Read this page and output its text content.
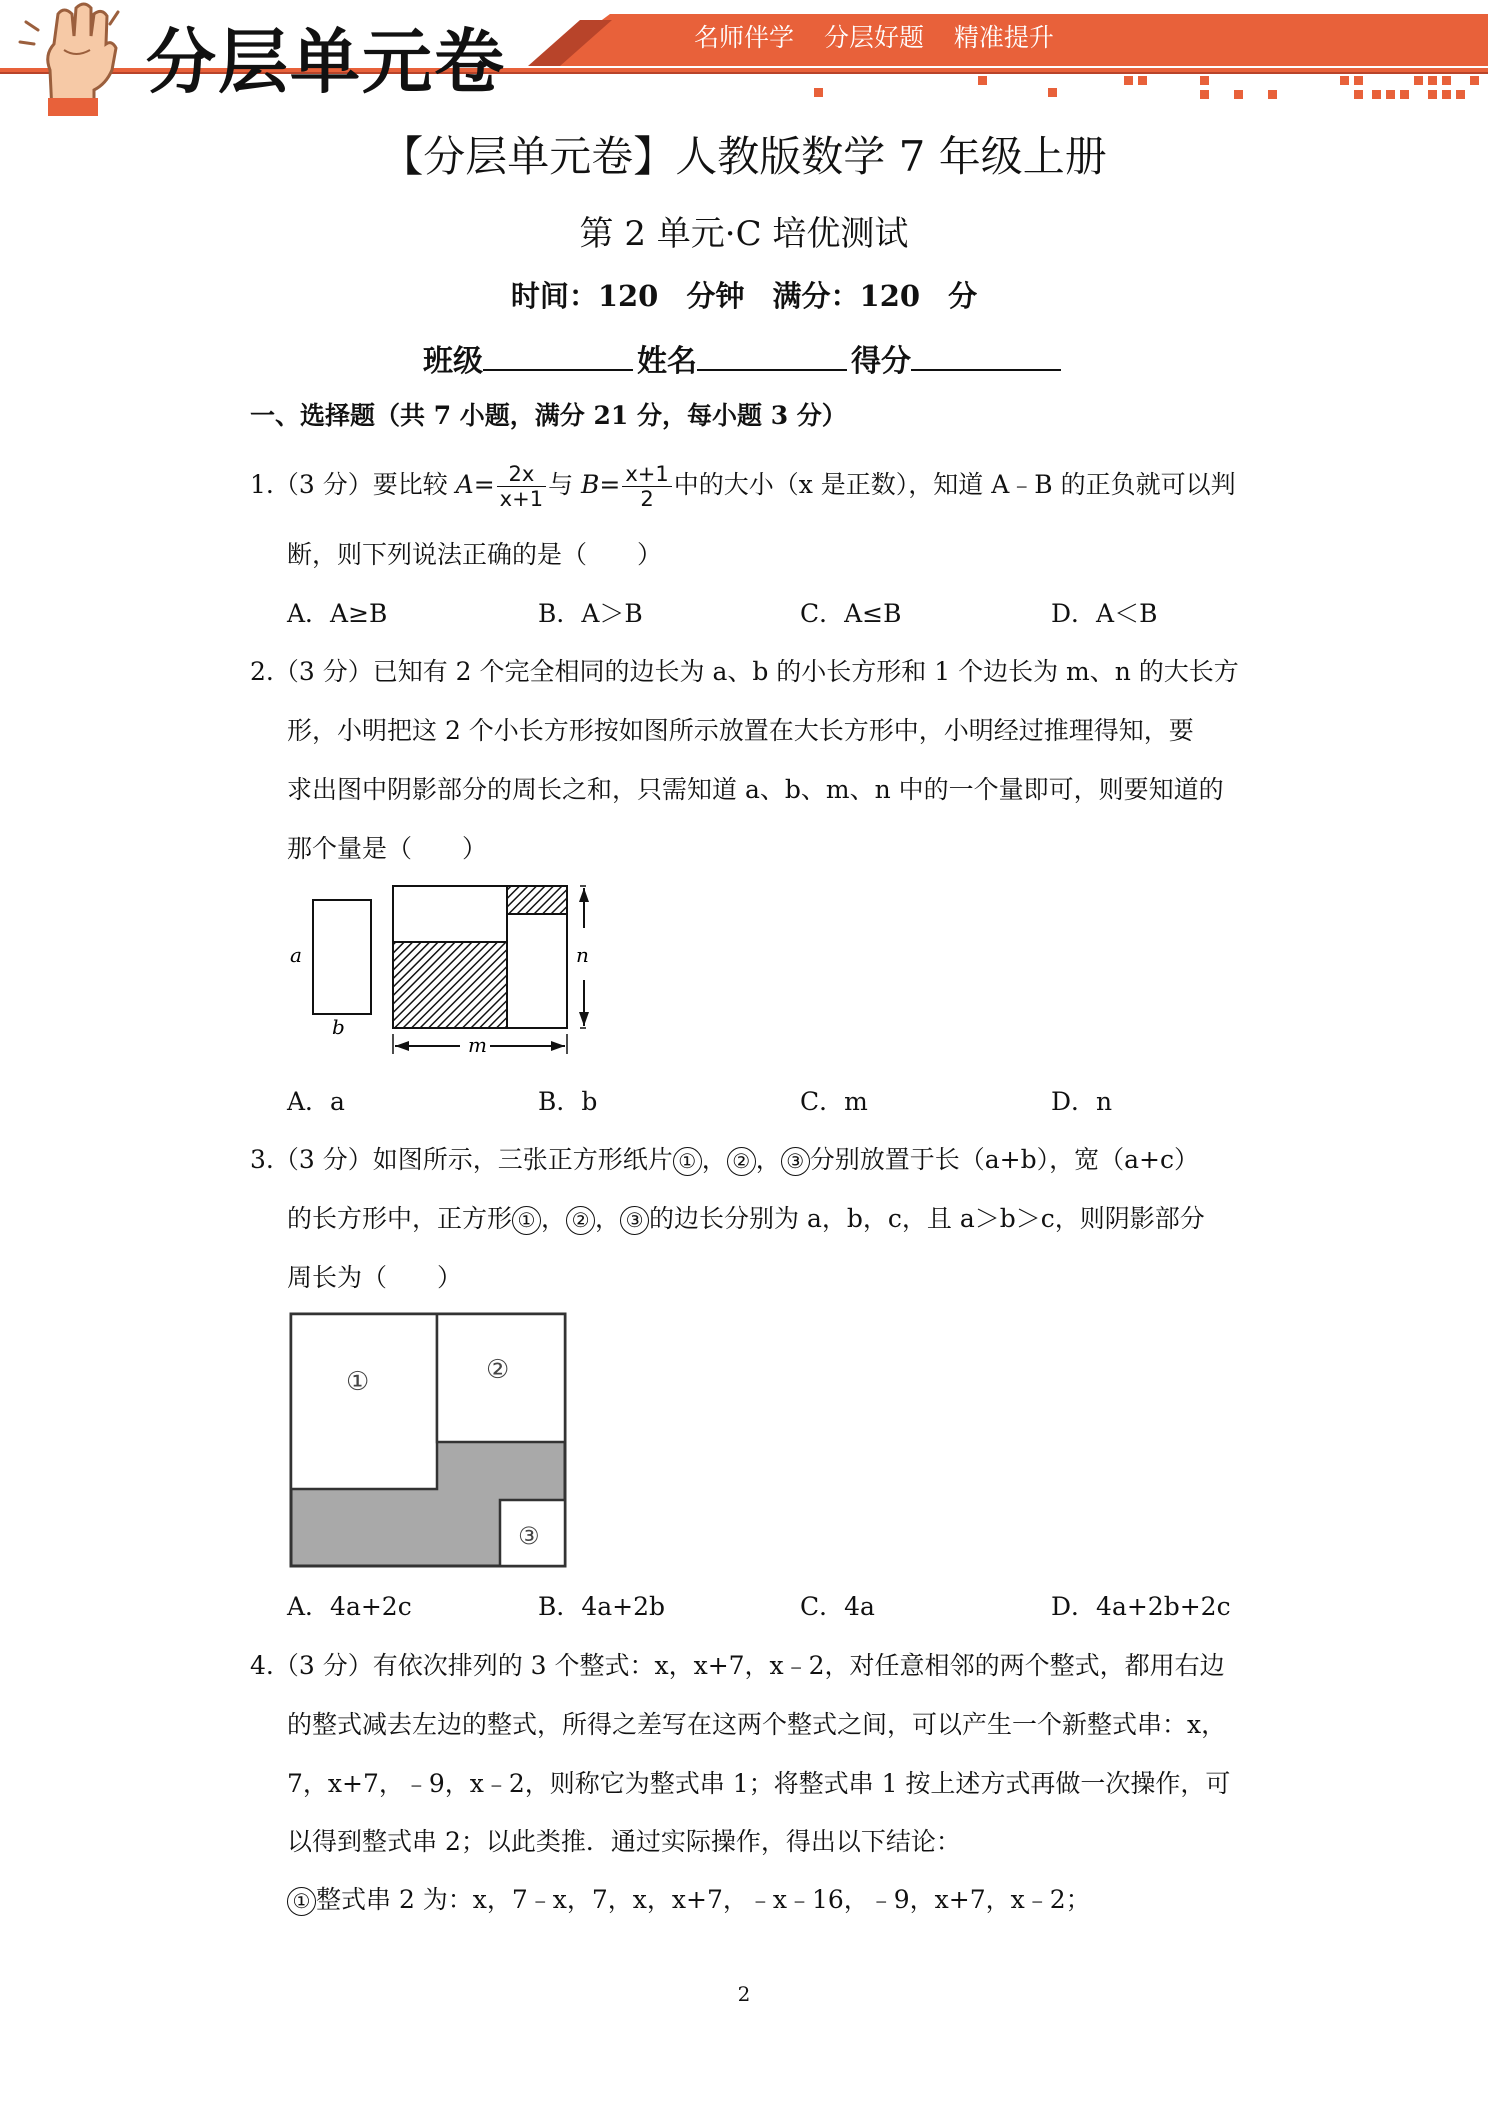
分层单元卷	名师伴学 分层好题 精准提升
【分层单元卷】人教版数学 7 年级上册
第 2 单元·C 培优测试
时间：120 分钟 满分：120 分
班级	姓名	得分
一、选择题（共 7 小题，满分 21 分，每小题 3 分）
1.（3 分）要比较 $A= \frac{2x}{x+1}$ 与 $B= \frac{x+1}{2}$ 中的大小（x 是正数），知道 A﹣B 的正负就可以判
断，则下列说法正确的是（　　）
A．A≥B	B．A＞B	C．A≤B	D．A＜B
2.（3 分）已知有 2 个完全相同的边长为 a、b 的小长方形和 1 个边长为 m、n 的大长方
形，小明把这 2 个小长方形按如图所示放置在大长方形中，小明经过推理得知，要
求出图中阴影部分的周长之和，只需知道 a、b、m、n 中的一个量即可，则要知道的
那个量是（　　）
a
b
n
m
A．a	B．b	C．m	D．n
3.（3 分）如图所示，三张正方形纸片 ① ， ② ， ③ 分别放置于长（a+b），宽（a+c）
的长方形中，正方形 ① ， ② ， ③ 的边长分别为 a，b，c，且 a＞b＞c，则阴影部分
周长为（　　）
①	②
③
A．4a+2c	B．4a+2b	C．4a	D．4a+2b+2c
4.（3 分）有依次排列的 3 个整式：x，x+7，x﹣2，对任意相邻的两个整式，都用右边
的整式减去左边的整式，所得之差写在这两个整式之间，可以产生一个新整式串：x，
7，x+7，﹣9，x﹣2，则称它为整式串 1；将整式串 1 按上述方式再做一次操作，可
以得到整式串 2；以此类推．通过实际操作，得出以下结论：
① 整式串 2 为：x，7﹣x，7，x，x+7，﹣x﹣16，﹣9，x+7，x﹣2；
2
